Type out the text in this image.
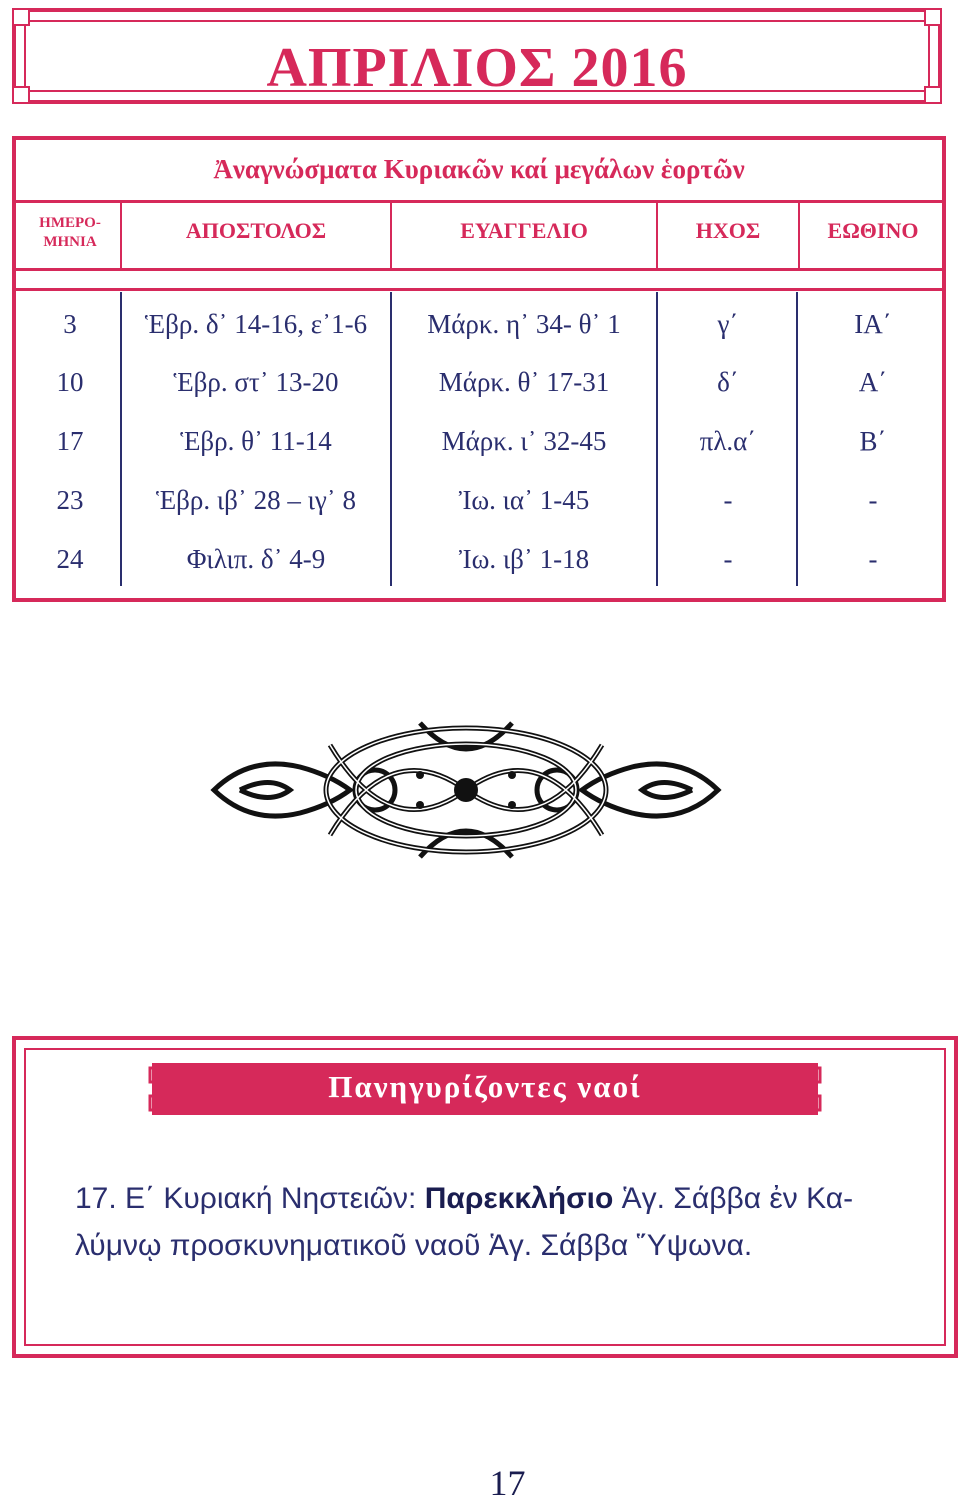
ΑΠΡΙΛΙΟΣ 2016
Ἀναγνώσματα Κυριακῶν καί μεγάλων ἑορτῶν
ΗΜΕΡΟ-
ΜΗΝΙΑ	ΑΠΟΣΤΟΛΟΣ	ΕΥΑΓΓΕΛΙΟ	ΗΧΟΣ	ΕΩΘΙΝΟ
3	Ἑβρ. δ᾽ 14-16, ε᾽1-6	Μάρκ. η᾽ 34- θ᾽ 1	γ΄	ΙΑ΄
10	Ἑβρ. στ᾽ 13-20	Μάρκ. θ᾽ 17-31	δ΄	Α΄
17	Ἑβρ. θ᾽ 11-14	Μάρκ. ι᾽ 32-45	πλ.α΄	Β΄
23	Ἑβρ. ιβ᾽ 28 – ιγ᾽ 8	Ἰω. ια᾽ 1-45	-	-
24	Φιλιπ. δ᾽ 4-9	Ἰω. ιβ᾽ 1-18	-	-
Πανηγυρίζοντες ναοί
17. Ε΄ Κυριακή Νηστειῶν: Παρεκκλήσιο Ἁγ. Σάββα ἐν Κα-
λύμνῳ προσκυνηματικοῦ ναοῦ Ἁγ. Σάββα Ὕψωνα.
17
